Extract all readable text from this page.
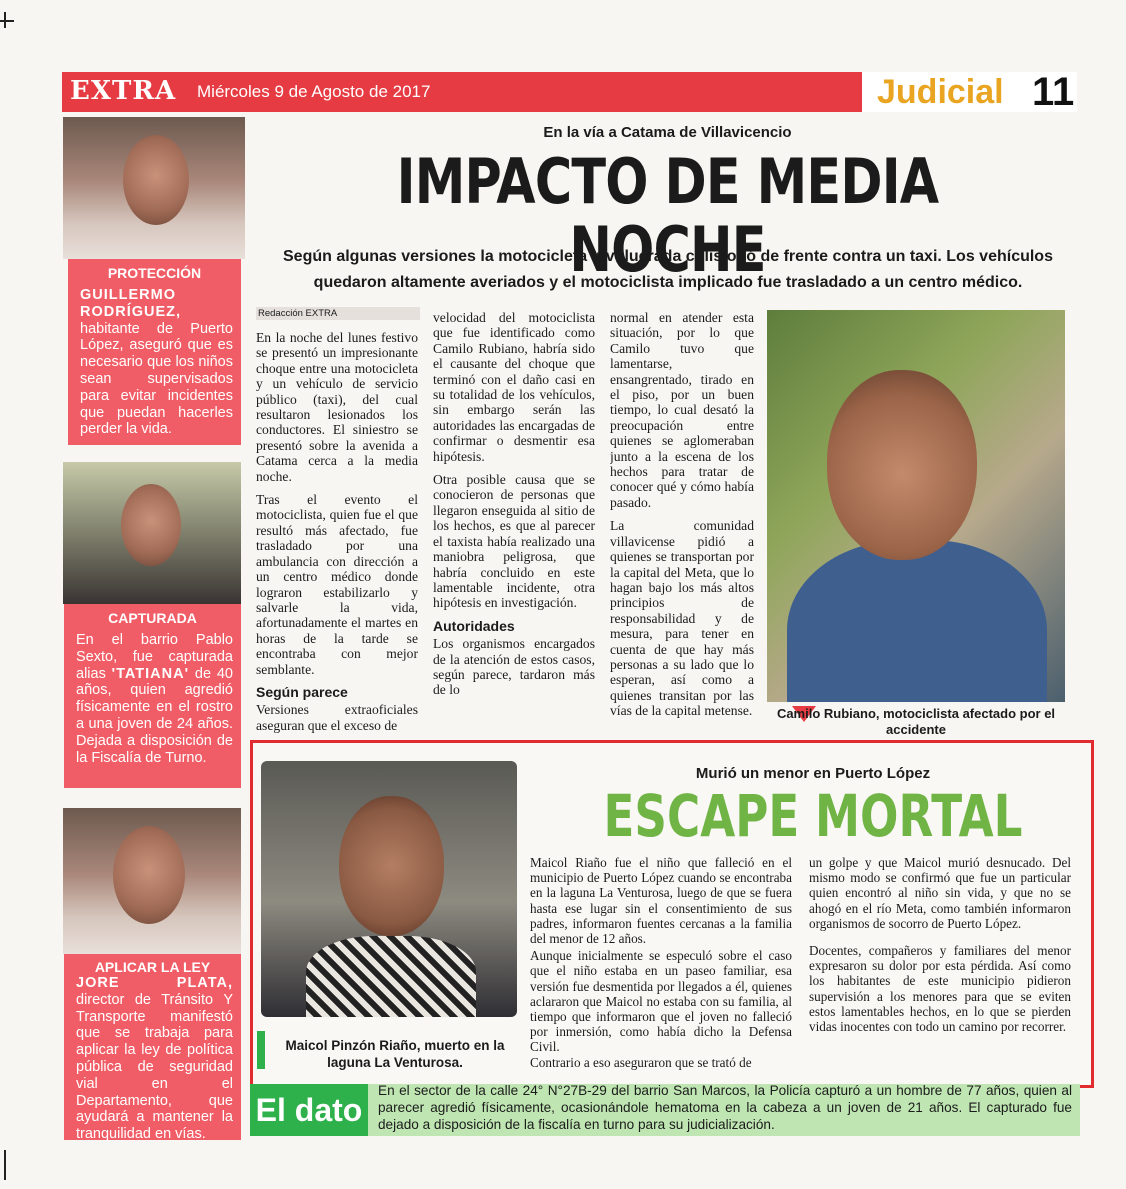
EXTRA Miércoles 9 de Agosto de 2017	Judicial 11
PROTECCIÓN
GUILLERMO RODRÍGUEZ, habitante de Puerto López, aseguró que es necesario que los niños sean supervisados para evitar incidentes que puedan hacerles perder la vida.
CAPTURADA
En el barrio Pablo Sexto, fue capturada alias 'TATIANA' de 40 años, quien agredió físicamente en el rostro a una joven de 24 años. Dejada a disposición de la Fiscalía de Turno.
APLICAR LA LEY
JORE PLATA, director de Tránsito Y Transporte manifestó que se trabaja para aplicar la ley de política pública de seguridad vial en el Departamento, que ayudará a mantener la tranquilidad en vías.
En la vía a Catama de Villavicencio
IMPACTO DE MEDIA NOCHE
Según algunas versiones la motocicleta involucrada colisionó de frente contra un taxi. Los vehículos quedaron altamente averiados y el motociclista implicado fue trasladado a un centro médico.
Redacción EXTRA

En la noche del lunes festivo se presentó un impresionante choque entre una motocicleta y un vehículo de servicio público (taxi), del cual resultaron lesionados los conductores. El siniestro se presentó sobre la avenida a Catama cerca a la media noche.

Tras el evento el motociclista, quien fue el que resultó más afectado, fue trasladado por una ambulancia con dirección a un centro médico donde lograron estabilizarlo y salvarle la vida, afortunadamente el martes en horas de la tarde se encontraba con mejor semblante.

Según parece

Versiones extraoficiales aseguran que el exceso de

velocidad del motociclista que fue identificado como Camilo Rubiano, habría sido el causante del choque que terminó con el daño casi en su totalidad de los vehículos, sin embargo serán las autoridades las encargadas de confirmar o desmentir esa hipótesis.

Otra posible causa que se conocieron de personas que llegaron enseguida al sitio de los hechos, es que al parecer el taxista había realizado una maniobra peligrosa, que habría concluido en este lamentable incidente, otra hipótesis en investigación.

Autoridades

Los organismos encargados de la atención de estos casos, según parece, tardaron más de lo

normal en atender esta situación, por lo que Camilo tuvo que lamentarse, ensangrentado, tirado en el piso, por un buen tiempo, lo cual desató la preocupación entre quienes se aglomeraban junto a la escena de los hechos para tratar de conocer qué y cómo había pasado.

La comunidad villavicense pidió a quienes se transportan por la capital del Meta, que lo hagan bajo los más altos principios de responsabilidad y de mesura, para tener en cuenta de que hay más personas a su lado que lo esperan, así como a quienes transitan por las vías de la capital metense.	Camilo Rubiano, motociclista afectado por el accidente
Maicol Pinzón Riaño, muerto en la laguna La Venturosa.
Murió un menor en Puerto López
ESCAPE MORTAL

Maicol Riaño fue el niño que falleció en el municipio de Puerto López cuando se encontraba en la laguna La Venturosa, luego de que se fuera hasta ese lugar sin el consentimiento de sus padres, informaron fuentes cercanas a la familia del menor de 12 años.

Aunque inicialmente se especuló sobre el caso que el niño estaba en un paseo familiar, esa versión fue desmentida por llegados a él, quienes aclararon que Maicol no estaba con su familia, al tiempo que informaron que el joven no falleció por inmersión, como había dicho la Defensa Civil.

Contrario a eso aseguraron que se trató de

un golpe y que Maicol murió desnucado. Del mismo modo se confirmó que fue un particular quien encontró al niño sin vida, y que no se ahogó en el río Meta, como también informaron organismos de socorro de Puerto López.

Docentes, compañeros y familiares del menor expresaron su dolor por esta pérdida. Así como los habitantes de este municipio pidieron supervisión a los menores para que se eviten estos lamentables hechos, en lo que se pierden vidas inocentes con todo un camino por recorrer.

El dato
En el sector de la calle 24° N°27B-29 del barrio San Marcos, la Policía capturó a un hombre de 77 años, quien al parecer agredió físicamente, ocasionándole hematoma en la cabeza a un joven de 21 años. El capturado fue dejado a disposición de la fiscalía en turno para su judicialización.
